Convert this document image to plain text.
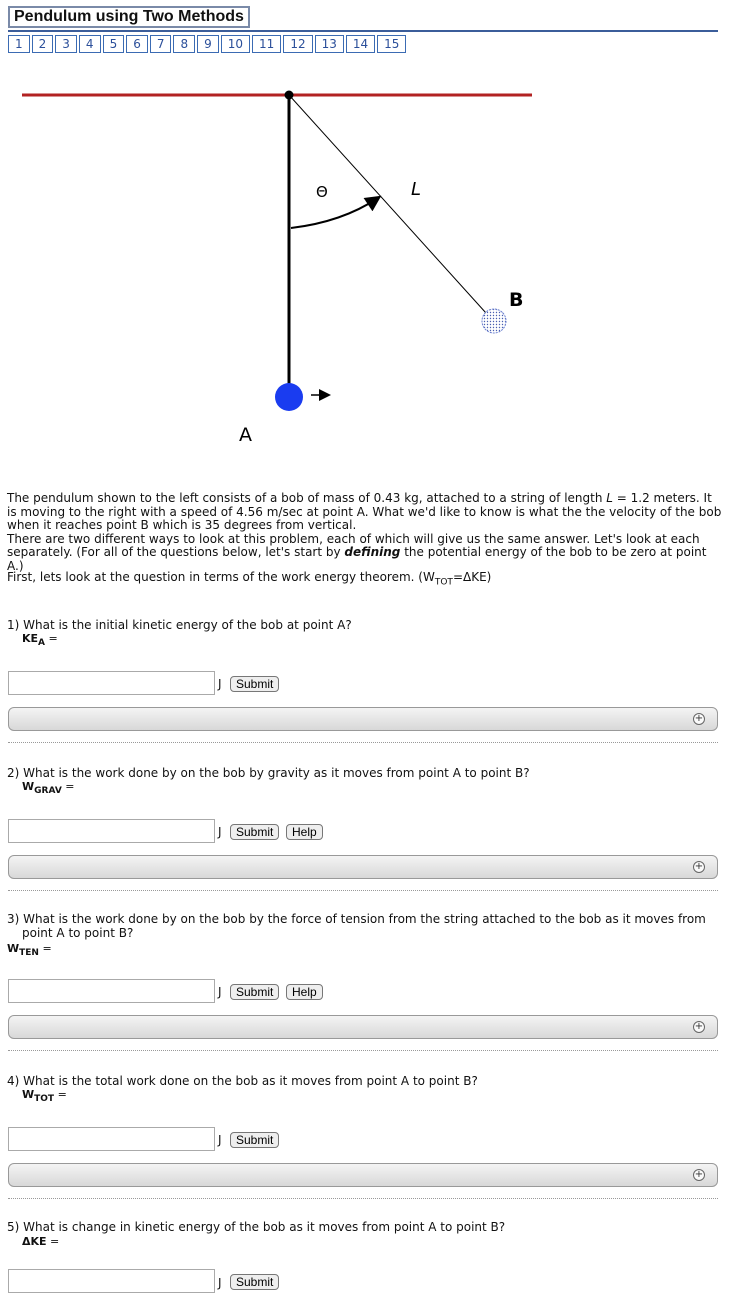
Pendulum using Two Methods
1	2	3	4	5	6	7	8	9	10	11	12	13	14	15
Θ	L
B
A

The pendulum shown to the left consists of a bob of mass of 0.43 kg, attached to a string of length L = 1.2 meters. It is moving to the right with a speed of 4.56 m/sec at point A. What we'd like to know is what the the velocity of the bob when it reaches point B which is 35 degrees from vertical.

There are two different ways to look at this problem, each of which will give us the same answer. Let's look at each separately. (For all of the questions below, let's start by defining the potential energy of the bob to be zero at point A.)

First, lets look at the question in terms of the work energy theorem. $(W_{TOT}=\Delta KE)$
1) What is the initial kinetic energy of the bob at point A?
$KE_A$ =
J	Submit
+
2) What is the work done by on the bob by gravity as it moves from point A to point B?
$W_{GRAV}$ =
J	Submit	Help
+
3) What is the work done by on the bob by the force of tension from the string attached to the bob as it moves from
point A to point B?
$W_{TEN}$ =
J	Submit	Help
+
4) What is the total work done on the bob as it moves from point A to point B?
$W_{TOT}$ =
J	Submit
+
5) What is change in kinetic energy of the bob as it moves from point A to point B?
ΔKE =
J	Submit
